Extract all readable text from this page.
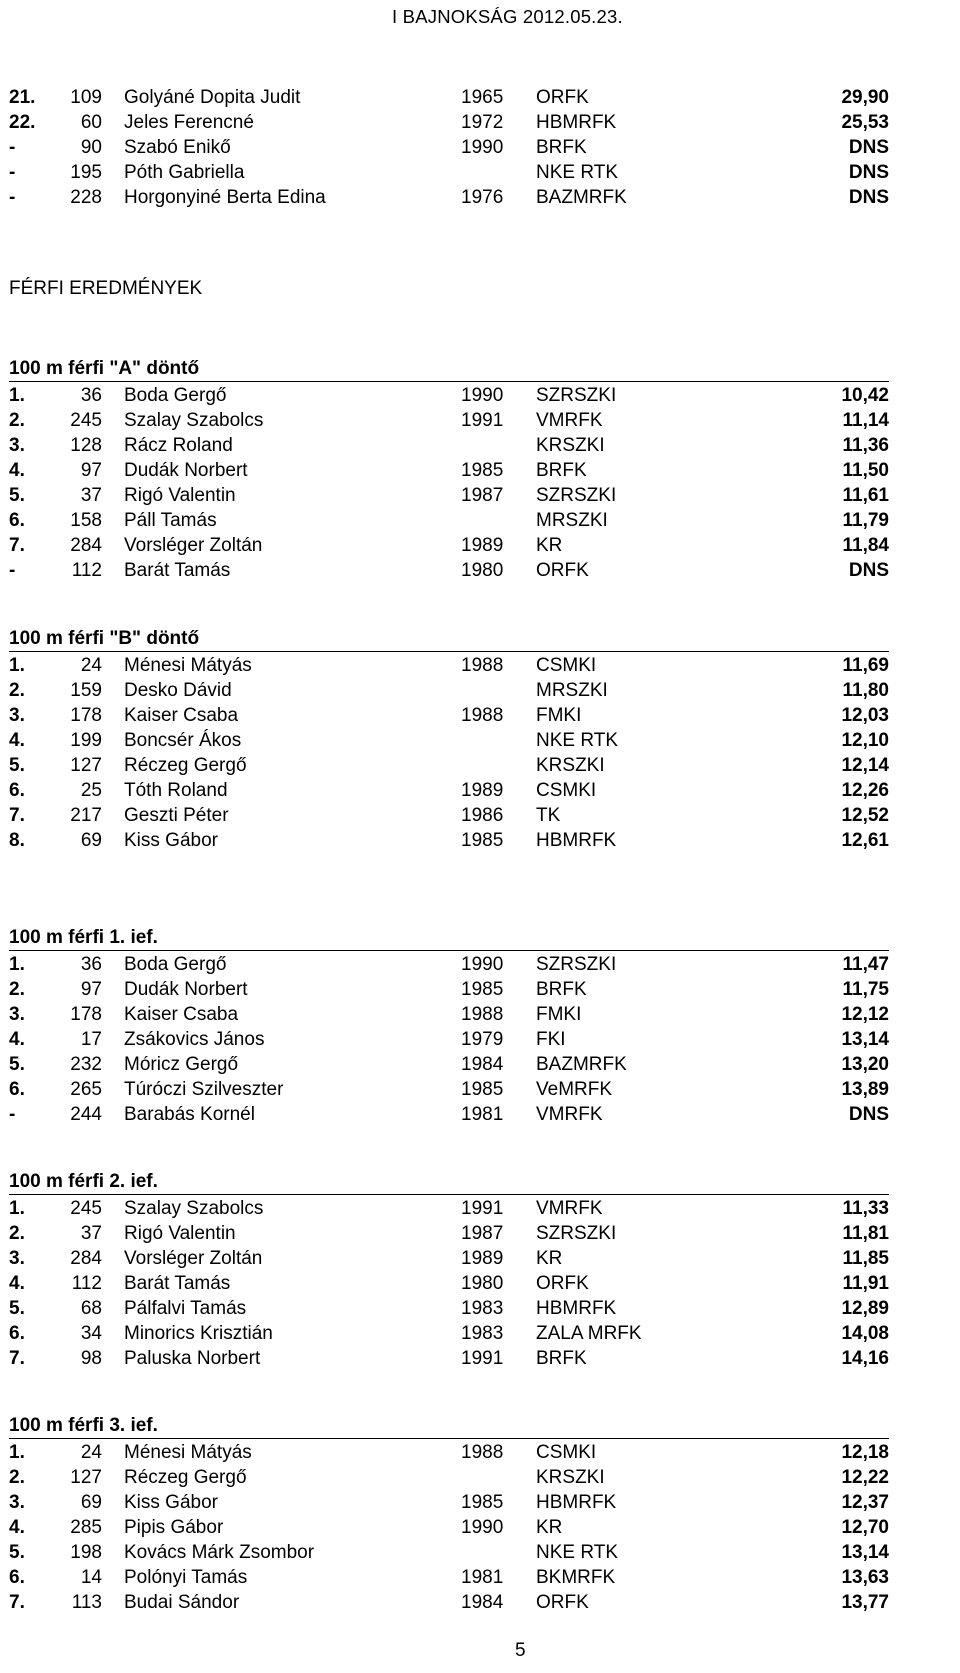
I BAJNOKSÁG 2012.05.23.
21.	109 Golyáné Dopita Judit	1965 ORFK	29,90
22.	60 Jeles Ferencné	1972 HBMRFK	25,53
-	90 Szabó Enikő	1990 BRFK	DNS
-	195 Póth Gabriella	NKE RTK	DNS
-	228 Horgonyiné Berta Edina	1976 BAZMRFK	DNS
FÉRFI EREDMÉNYEK
100 m férfi "A" döntő
1.	36 Boda Gergő	1990 SZRSZKI	10,42
2.	245 Szalay Szabolcs	1991 VMRFK	11,14
3.	128 Rácz Roland	KRSZKI	11,36
4.	97 Dudák Norbert	1985 BRFK	11,50
5.	37 Rigó Valentin	1987 SZRSZKI	11,61
6.	158 Páll Tamás	MRSZKI	11,79
7.	284 Vorsléger Zoltán	1989 KR	11,84
-	112 Barát Tamás	1980 ORFK	DNS
100 m férfi "B" döntő
1.	24 Ménesi Mátyás	1988 CSMKI	11,69
2.	159 Desko Dávid	MRSZKI	11,80
3.	178 Kaiser Csaba	1988 FMKI	12,03
4.	199 Boncsér Ákos	NKE RTK	12,10
5.	127 Réczeg Gergő	KRSZKI	12,14
6.	25 Tóth Roland	1989 CSMKI	12,26
7.	217 Geszti Péter	1986 TK	12,52
8.	69 Kiss Gábor	1985 HBMRFK	12,61
100 m férfi 1. ief.
1.	36 Boda Gergő	1990 SZRSZKI	11,47
2.	97 Dudák Norbert	1985 BRFK	11,75
3.	178 Kaiser Csaba	1988 FMKI	12,12
4.	17 Zsákovics János	1979 FKI	13,14
5.	232 Móricz Gergő	1984 BAZMRFK	13,20
6.	265 Túróczi Szilveszter	1985 VeMRFK	13,89
-	244 Barabás Kornél	1981 VMRFK	DNS
100 m férfi 2. ief.
1.	245 Szalay Szabolcs	1991 VMRFK	11,33
2.	37 Rigó Valentin	1987 SZRSZKI	11,81
3.	284 Vorsléger Zoltán	1989 KR	11,85
4.	112 Barát Tamás	1980 ORFK	11,91
5.	68 Pálfalvi Tamás	1983 HBMRFK	12,89
6.	34 Minorics Krisztián	1983 ZALA MRFK	14,08
7.	98 Paluska Norbert	1991 BRFK	14,16
100 m férfi 3. ief.
1.	24 Ménesi Mátyás	1988 CSMKI	12,18
2.	127 Réczeg Gergő	KRSZKI	12,22
3.	69 Kiss Gábor	1985 HBMRFK	12,37
4.	285 Pipis Gábor	1990 KR	12,70
5.	198 Kovács Márk Zsombor	NKE RTK	13,14
6.	14 Polónyi Tamás	1981 BKMRFK	13,63
7.	113 Budai Sándor	1984 ORFK	13,77
5
